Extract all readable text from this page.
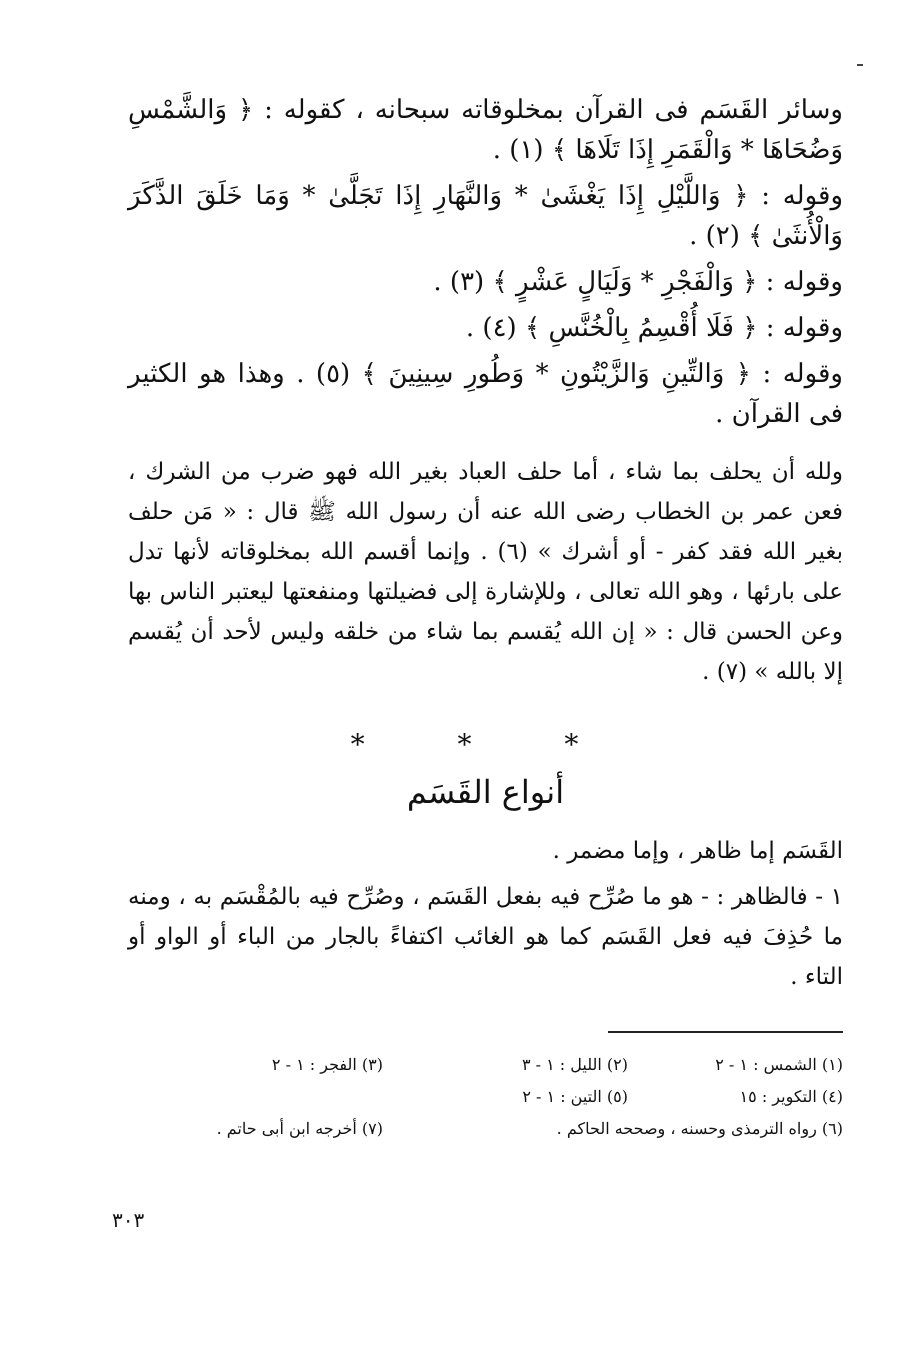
وسائر القَسَم فى القرآن بمخلوقاته سبحانه ، كقوله : ﴿ وَالشَّمْسِ وَضُحَاهَا * وَالْقَمَرِ إِذَا تَلَاهَا ﴾ (١) .

وقوله : ﴿ وَاللَّيْلِ إِذَا يَغْشَىٰ * وَالنَّهَارِ إِذَا تَجَلَّىٰ * وَمَا خَلَقَ الذَّكَرَ وَالْأُنثَىٰ ﴾ (٢) .

وقوله : ﴿ وَالْفَجْرِ * وَلَيَالٍ عَشْرٍ ﴾ (٣) .

وقوله : ﴿ فَلَا أُقْسِمُ بِالْخُنَّسِ ﴾ (٤) .

وقوله : ﴿ وَالتِّينِ وَالزَّيْتُونِ * وَطُورِ سِينِينَ ﴾ (٥) . وهذا هو الكثير فى القرآن .

ولله أن يحلف بما شاء ، أما حلف العباد بغير الله فهو ضرب من الشرك ، فعن عمر بن الخطاب رضى الله عنه أن رسول الله ﷺ قال : « مَن حلف بغير الله فقد كفر - أو أشرك » (٦) . وإنما أقسم الله بمخلوقاته لأنها تدل على بارئها ، وهو الله تعالى ، وللإشارة إلى فضيلتها ومنفعتها ليعتبر الناس بها وعن الحسن قال : « إن الله يُقسم بما شاء من خلقه وليس لأحد أن يُقسم إلا بالله » (٧) .

* * *
أنواع القَسَم

القَسَم إما ظاهر ، وإما مضمر .

١ - فالظاهر : - هو ما صُرِّح فيه بفعل القَسَم ، وصُرِّح فيه بالمُقْسَم به ، ومنه ما حُذِفَ فيه فعل القَسَم كما هو الغائب اكتفاءً بالجار من الباء أو الواو أو التاء .

(١) الشمس : ١ - ٢
(٢) الليل : ١ - ٣
(٣) الفجر : ١ - ٢
(٤) التكوير : ١٥
(٥) التين : ١ - ٢
(٦) رواه الترمذى وحسنه ، وصححه الحاكم .
(٧) أخرجه ابن أبى حاتم .
٣٠٣
